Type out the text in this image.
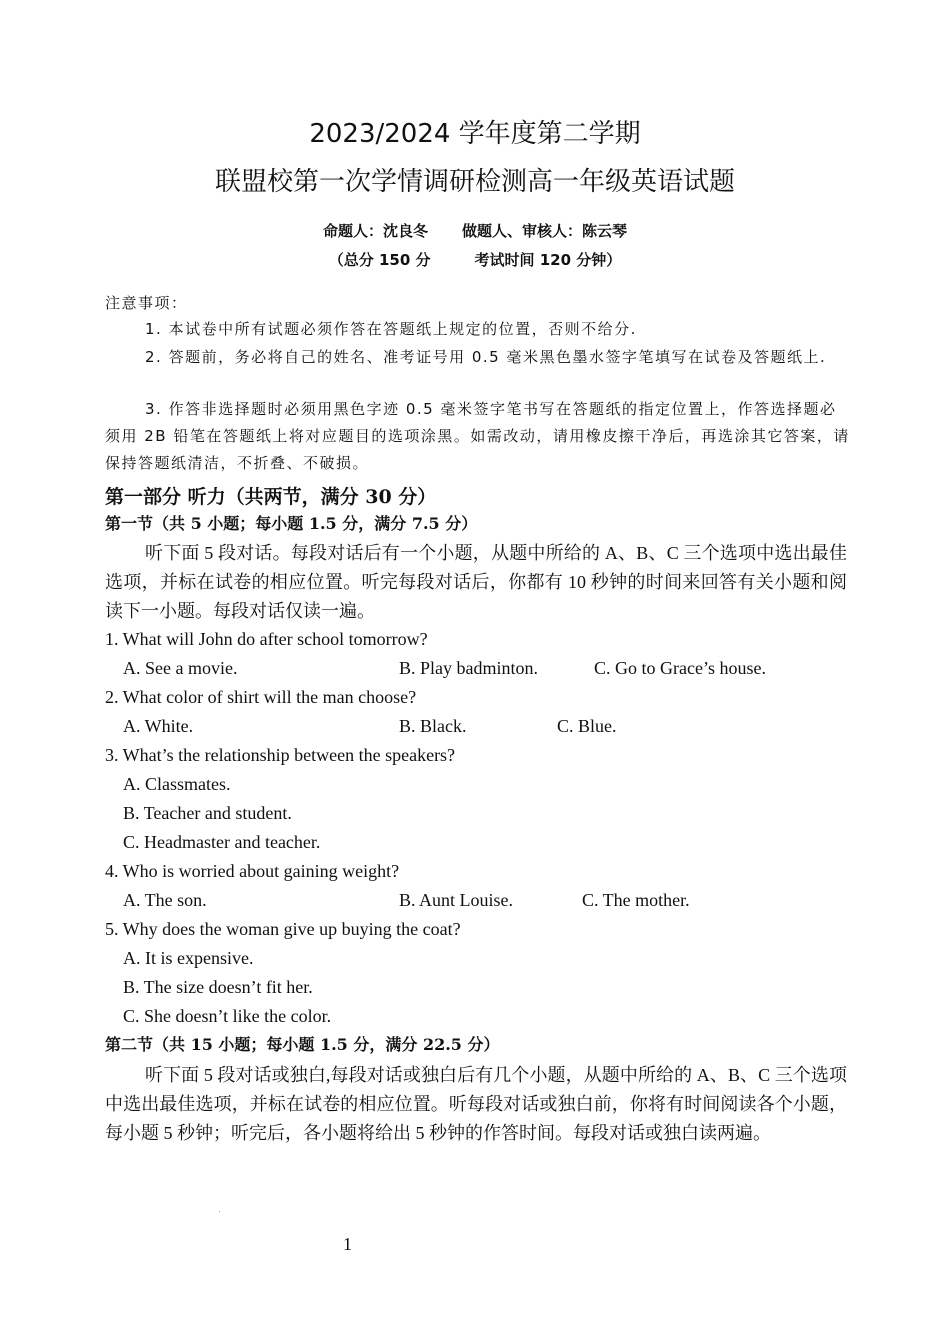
2023/2024 学年度第二学期
联盟校第一次学情调研检测高一年级英语试题
命题人：沈良冬 做题人、审核人：陈云琴
（总分 150 分	考试时间 120 分钟）
注意事项：
1. 本试卷中所有试题必须作答在答题纸上规定的位置，否则不给分.
2. 答题前，务必将自己的姓名、准考证号用 0.5 毫米黑色墨水签字笔填写在试卷及答题纸上.
3. 作答非选择题时必须用黑色字迹 0.5 毫米签字笔书写在答题纸的指定位置上，作答选择题必须用 2B 铅笔在答题纸上将对应题目的选项涂黑。如需改动，请用橡皮擦干净后，再选涂其它答案，请保持答题纸清洁，不折叠、不破损。
第一部分 听力（共两节，满分 30 分）
第一节（共 5 小题；每小题 1.5 分，满分 7.5 分）
听下面 5 段对话。每段对话后有一个小题，从题中所给的 A、B、C 三个选项中选出最佳选项，并标在试卷的相应位置。听完每段对话后，你都有 10 秒钟的时间来回答有关小题和阅读下一小题。每段对话仅读一遍。
1. What will John do after school tomorrow?
A. See a movie.	B. Play badminton.	C. Go to Grace’s house.
2. What color of shirt will the man choose?
A. White.	B. Black.	C. Blue.
3. What’s the relationship between the speakers?
A. Classmates.
B. Teacher and student.
C. Headmaster and teacher.
4. Who is worried about gaining weight?
A. The son.	B. Aunt Louise.	C. The mother.
5. Why does the woman give up buying the coat?
A. It is expensive.
B. The size doesn’t fit her.
C. She doesn’t like the color.
第二节（共 15 小题；每小题 1.5 分，满分 22.5 分）
听下面 5 段对话或独白,每段对话或独白后有几个小题，从题中所给的 A、B、C 三个选项中选出最佳选项，并标在试卷的相应位置。听每段对话或独白前，你将有时间阅读各个小题，每小题 5 秒钟；听完后，各小题将给出 5 秒钟的作答时间。每段对话或独白读两遍。
1
